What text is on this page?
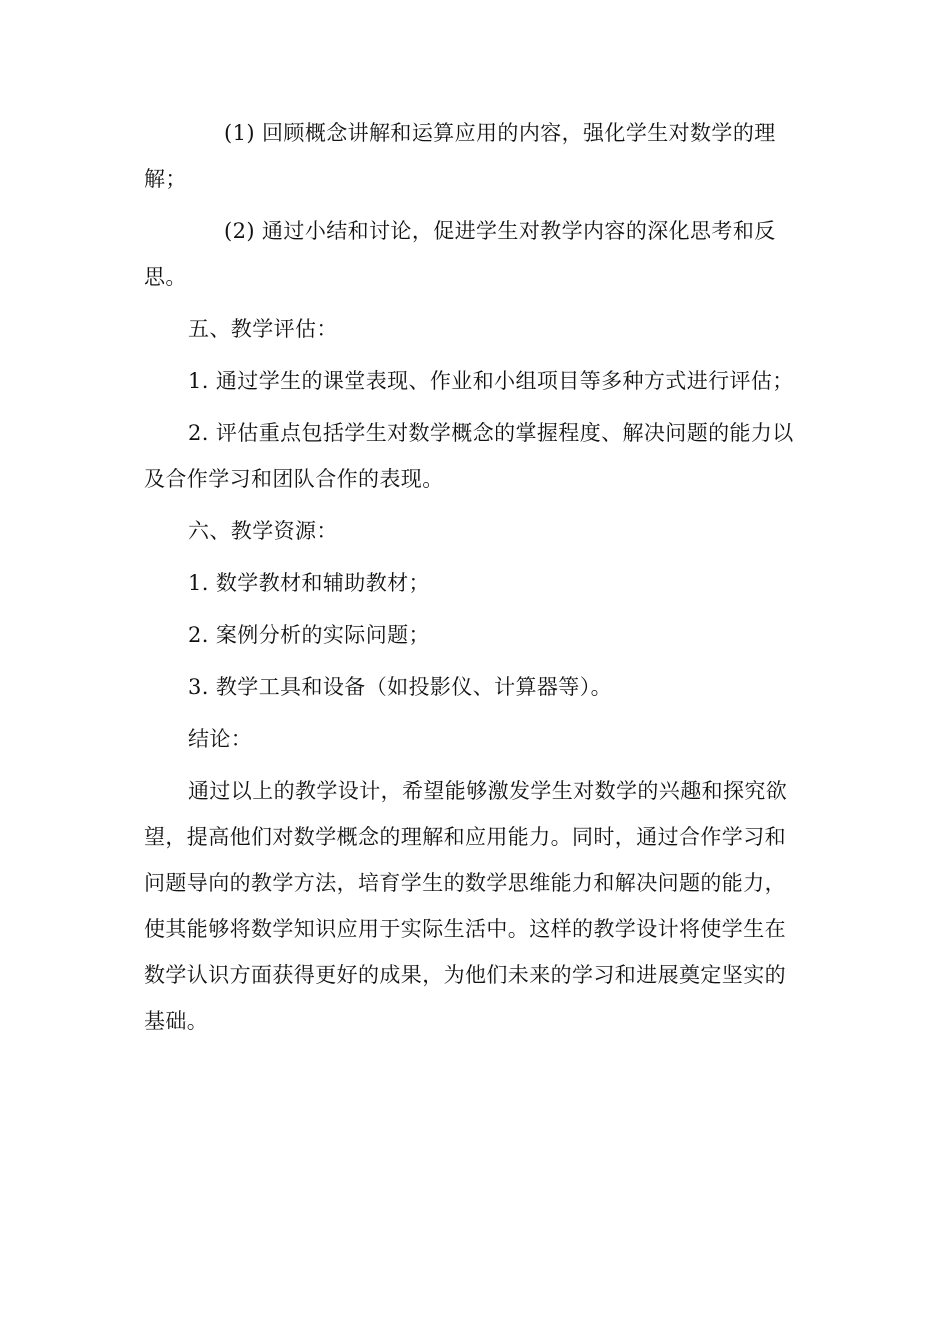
(1) 回顾概念讲解和运算应用的内容，强化学生对数学的理解；

(2) 通过小结和讨论，促进学生对教学内容的深化思考和反思。

五、教学评估：

1. 通过学生的课堂表现、作业和小组项目等多种方式进行评估；

2. 评估重点包括学生对数学概念的掌握程度、解决问题的能力以及合作学习和团队合作的表现。

六、教学资源：

1. 数学教材和辅助教材；

2. 案例分析的实际问题；

3. 教学工具和设备（如投影仪、计算器等）。

结论：

通过以上的教学设计，希望能够激发学生对数学的兴趣和探究欲望，提高他们对数学概念的理解和应用能力。同时，通过合作学习和问题导向的教学方法，培育学生的数学思维能力和解决问题的能力，使其能够将数学知识应用于实际生活中。这样的教学设计将使学生在数学认识方面获得更好的成果，为他们未来的学习和进展奠定坚实的基础。
